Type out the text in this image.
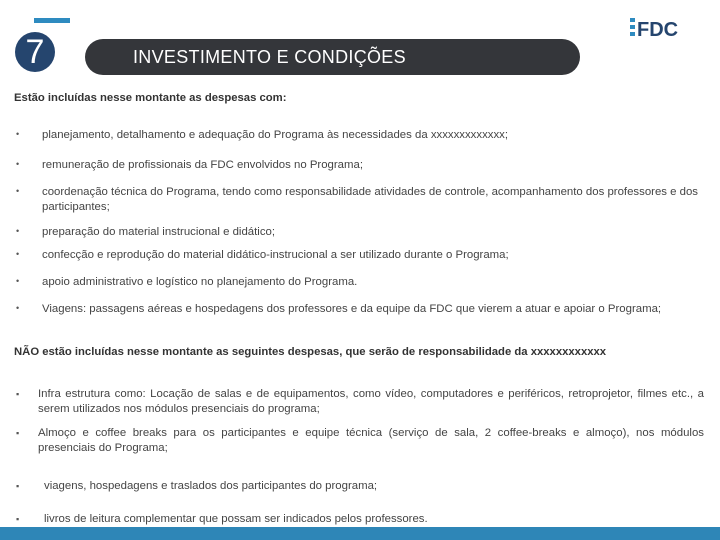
7	INVESTIMENTO E CONDIÇÕES
FDC
Estão incluídas nesse montante as despesas com:
• planejamento, detalhamento e adequação do Programa às necessidades da xxxxxxxxxxxxx;

• remuneração de profissionais da FDC envolvidos no Programa;

• coordenação técnica do Programa, tendo como responsabilidade atividades de controle, acompanhamento dos professores e dos participantes;

• preparação do material instrucional e didático;

• confecção e reprodução do material didático-instrucional a ser utilizado durante o Programa;

• apoio administrativo e logístico no planejamento do Programa.

• Viagens: passagens aéreas e hospedagens dos professores e da equipe da FDC que vierem a atuar e apoiar o Programa;

NÃO estão incluídas nesse montante as seguintes despesas, que serão de responsabilidade da xxxxxxxxxxxx
▪ Infra estrutura como: Locação de salas e de equipamentos, como vídeo, computadores e periféricos, retroprojetor, filmes etc., a serem utilizados nos módulos presenciais do programa;

▪ Almoço e coffee breaks para os participantes e equipe técnica (serviço de sala, 2 coffee-breaks e almoço), nos módulos presenciais do Programa;

▪ viagens, hospedagens e traslados dos participantes do programa;

▪ livros de leitura complementar que possam ser indicados pelos professores.
